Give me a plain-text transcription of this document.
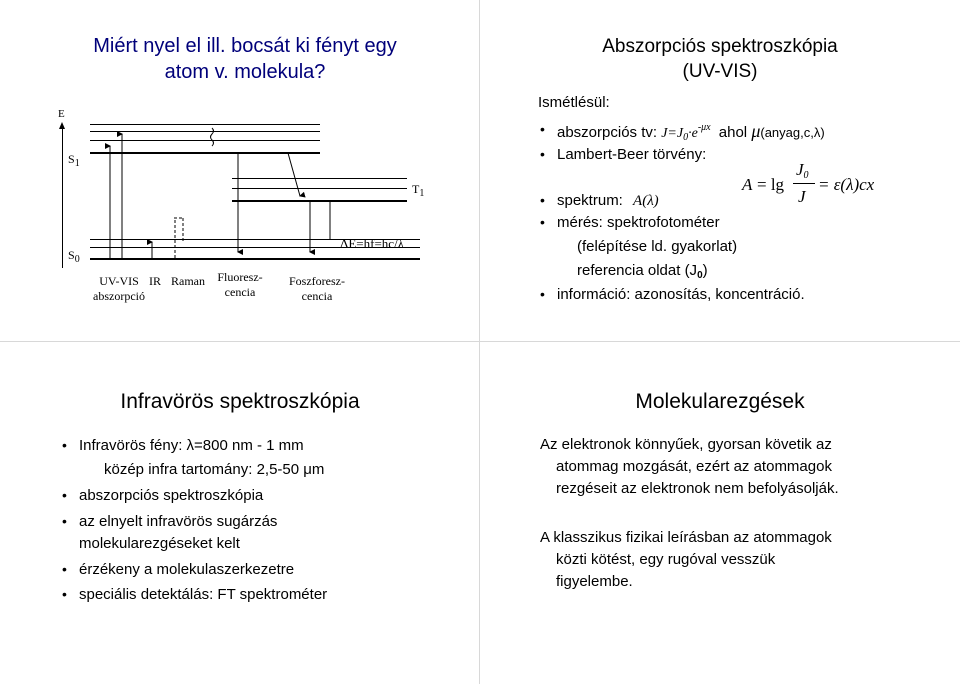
Miért nyel el ill. bocsát ki fényt egy
atom v. molekula?
E
$S_1$
$T_1$
$S_0$
ΔE=hf=hc/λ
UV-VIS
abszorpció
IR Raman	Fluoresz-
cencia
Foszforesz-
cencia
Abszorpciós spektroszkópia
(UV-VIS)
Ismétlésül:
• abszorpciós tv: $J=J_0\cdot e^{-\mu x}$ ahol μ(anyag,c,λ)
• Lambert-Beer törvény:
A = lg
$J_0$
J
= ε(λ)cx
• spektrum: A(λ)
• mérés: spektrofotométer
(felépítése ld. gyakorlat)
referencia oldat $(J_0)$
• információ: azonosítás, koncentráció.
Infravörös spektroszkópia
• Infravörös fény: λ=800 nm - 1 mm
közép infra tartomány: 2,5-50 μm
• abszorpciós spektroszkópia
• az elnyelt infravörös sugárzás
molekularezgéseket kelt
• érzékeny a molekulaszerkezetre
• speciális detektálás: FT spektrométer
Molekularezgések
Az elektronok könnyűek, gyorsan követik az
atommag mozgását, ezért az atommagok
rezgéseit az elektronok nem befolyásolják.
A klasszikus fizikai leírásban az atommagok
közti kötést, egy rugóval vesszük
figyelembe.
